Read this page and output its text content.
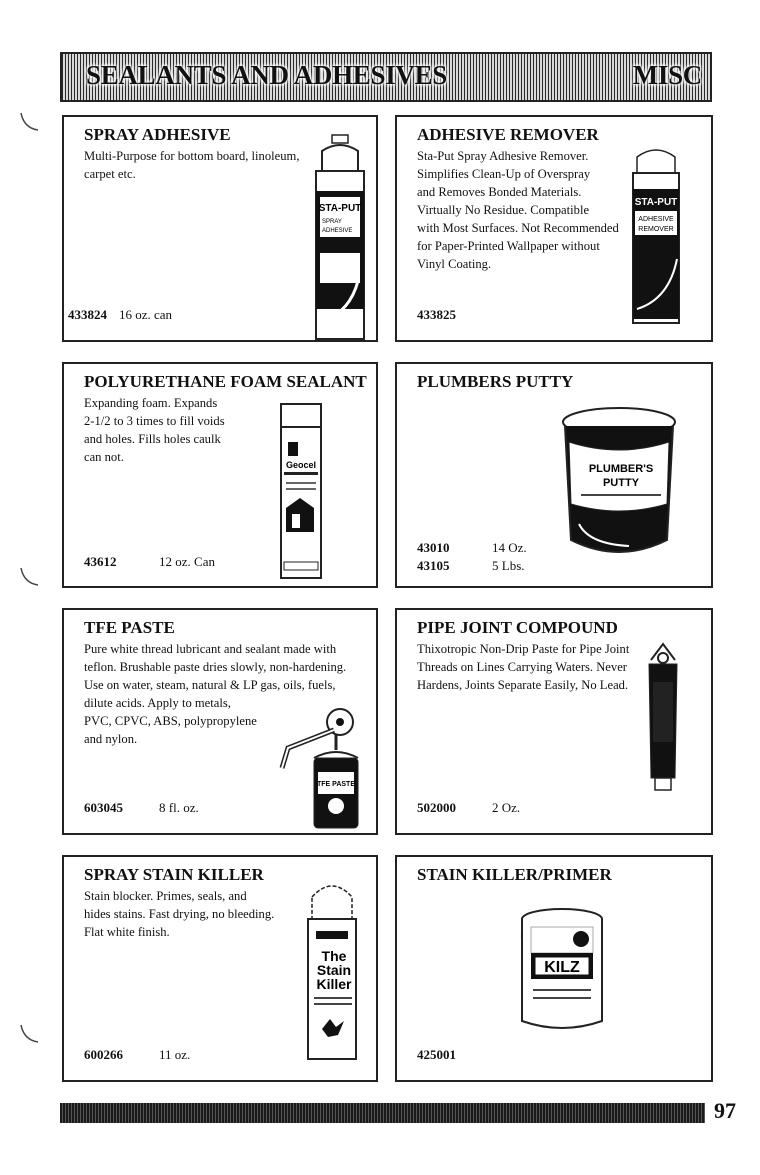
SEALANTS AND ADHESIVES	MISC
SPRAY ADHESIVE
Multi-Purpose for bottom board, linoleum, carpet etc.
433824 16 oz. can
STA-PUT
SPRAY
ADHESIVE
ADHESIVE REMOVER
Sta-Put Spray Adhesive Remover.
Simplifies Clean-Up of Overspray
and Removes Bonded Materials.
Virtually No Residue. Compatible
with Most Surfaces. Not Recommended
for Paper-Printed Wallpaper without
Vinyl Coating.
433825
STA-PUT
ADHESIVE
REMOVER
POLYURETHANE FOAM SEALANT
Expanding foam. Expands
2-1/2 to 3 times to fill voids
and holes. Fills holes caulk
can not.
43612	12 oz. Can
Geocel
PLUMBERS PUTTY
43010	14 Oz.
43105	5 Lbs.
PLUMBER'S
PUTTY
TFE PASTE
Pure white thread lubricant and sealant made with
teflon. Brushable paste dries slowly, non-hardening.
Use on water, steam, natural & LP gas, oils, fuels,
dilute acids. Apply to metals,
PVC, CPVC, ABS, polypropylene
and nylon.
603045	8 fl. oz.
TFE PASTE
PIPE JOINT COMPOUND
Thixotropic Non-Drip Paste for Pipe Joint
Threads on Lines Carrying Waters. Never
Hardens, Joints Separate Easily, No Lead.
502000	2 Oz.
SPRAY STAIN KILLER
Stain blocker. Primes, seals, and
hides stains. Fast drying, no bleeding.
Flat white finish.
600266	11 oz.
The
Stain
Killer
STAIN KILLER/PRIMER
425001
KILZ
97
